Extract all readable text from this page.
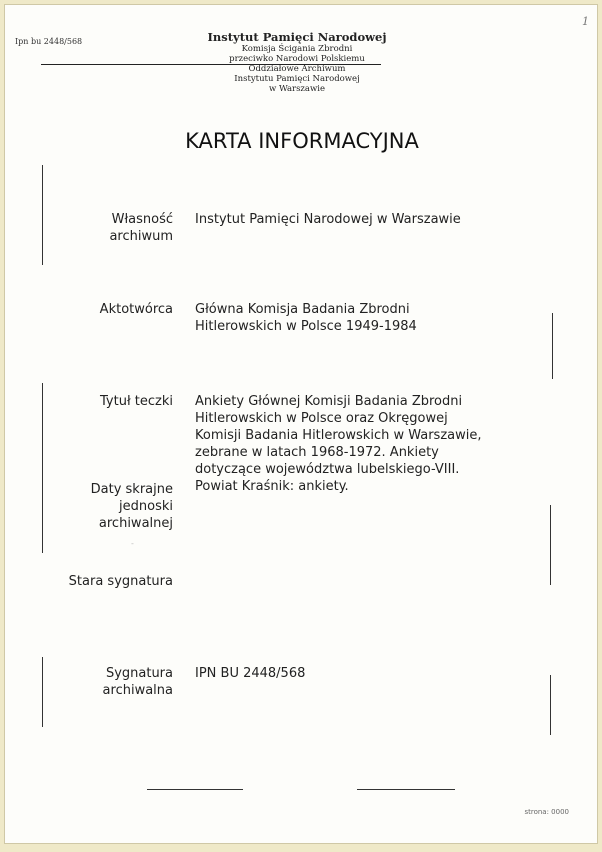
Ipn bu 2448/568
1
Instytut Pamięci Narodowej
Komisja Ścigania Zbrodni
przeciwko Narodowi Polskiemu
Oddziałowe Archiwum
Instytutu Pamięci Narodowej
w Warszawie
KARTA INFORMACYJNA
Własność
archiwum
Instytut Pamięci Narodowej w Warszawie
Aktotwórca Główna Komisja Badania Zbrodni
Hitlerowskich w Polsce 1949-1984
Tytuł teczki Ankiety Głównej Komisji Badania Zbrodni
Hitlerowskich w Polsce oraz Okręgowej
Komisji Badania Hitlerowskich w Warszawie,
zebrane w latach 1968-1972. Ankiety
dotyczące województwa lubelskiego-VIII.
Powiat Kraśnik: ankiety.
Daty skrajne
jednoski
archiwalnej
Stara sygnatura
Sygnatura
archiwalna
IPN BU 2448/568
-
strona: 0000
